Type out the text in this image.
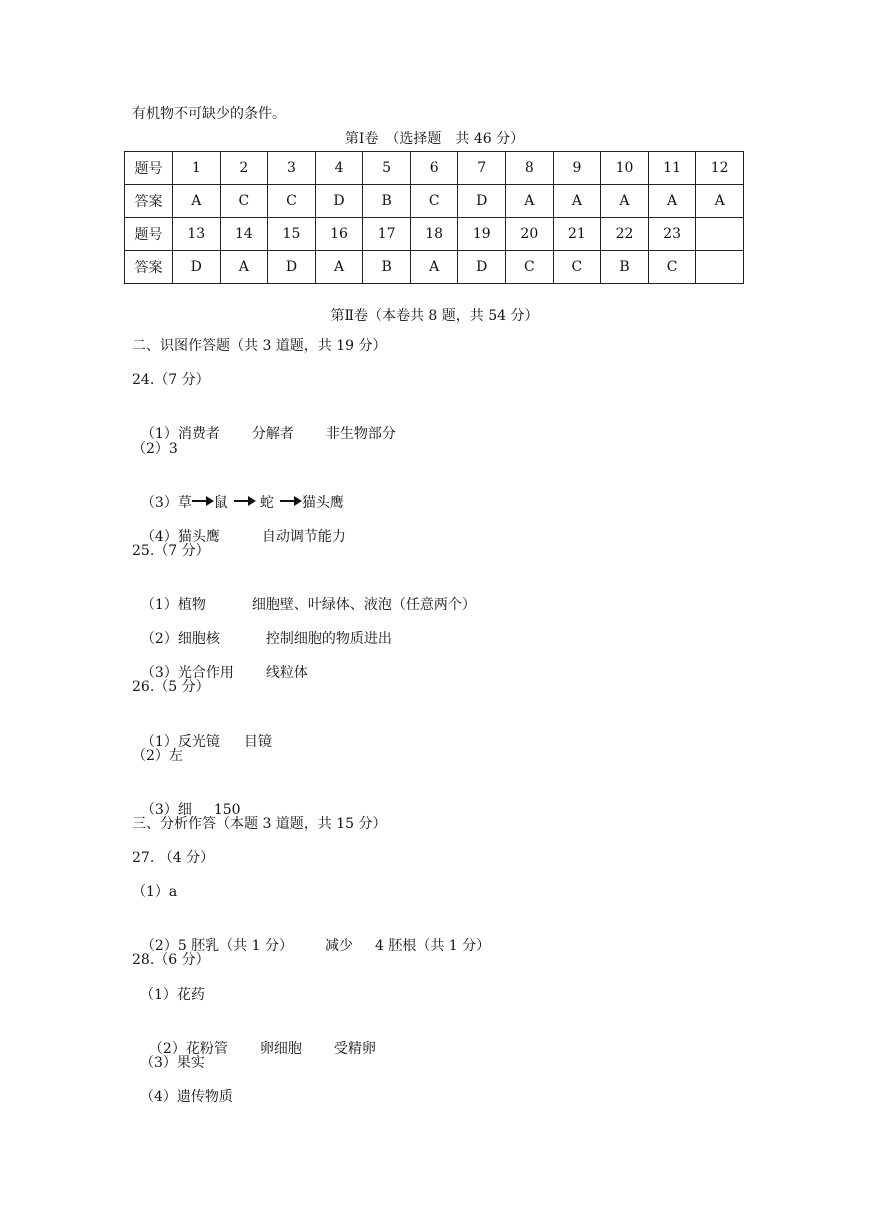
有机物不可缺少的条件。
第Ⅰ卷　（选择题　共 46 分）
题号	1	2	3	4	5	6	7	8	9	10	11	12
答案	A	C	C	D	B	C	D	A	A	A	A	A
题号	13	14	15	16	17	18	19	20	21	22	23	
答案	D	A	D	A	B	A	D	C	C	B	C	
第Ⅱ卷（本卷共 8 题，共 54 分）
二、识图作答题（共 3 道题，共 19 分）
24.（7 分）

（1）消费者 分解者 非生物部分

（2）3

（3）草 鼠 蛇 猫头鹰

（4）猫头鹰	自动调节能力

25.（7 分）

（1）植物	细胞壁、叶绿体、液泡（任意两个）

（2）细胞核	控制细胞的物质进出

（3）光合作用 线粒体

26.（5 分）

（1）反光镜 目镜

（2）左

（3）细 150

三、分析作答（本题 3 道题，共 15 分）
27. （4 分）
（1）a

（2）5 胚乳（共 1 分） 减少 4 胚根（共 1 分）

28.（6 分）
（1）花药

（2）花粉管 卵细胞 受精卵

（3）果实
（4）遗传物质
